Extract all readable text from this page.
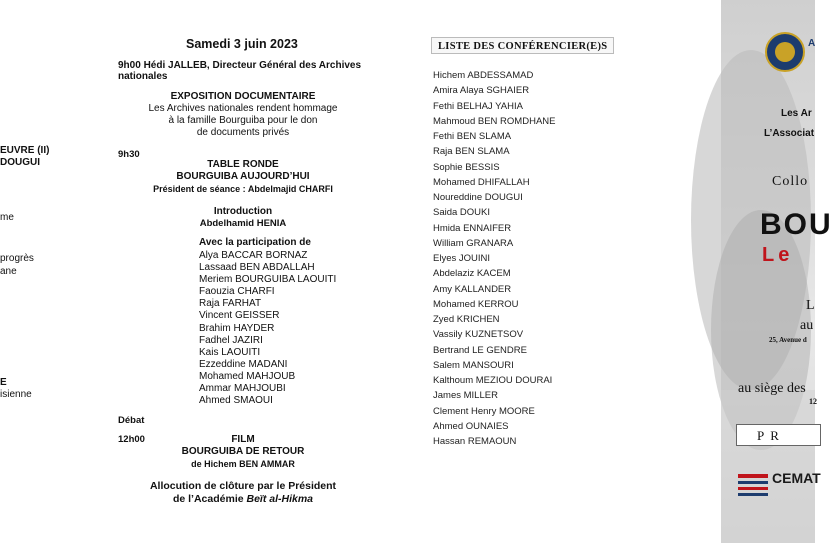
EUVRE (II)
DOUGUI
me
progrès
ane
E
isienne
Samedi 3 juin 2023
9h00 Hédi JALLEB, Directeur Général des Archives
nationales
EXPOSITION DOCUMENTAIRE
Les Archives nationales rendent hommage
à la famille Bourguiba pour le don
de documents privés
9h30
TABLE RONDE
BOURGUIBA AUJOURD’HUI
Président de séance : Abdelmajid CHARFI
Introduction
Abdelhamid HENIA
Avec la participation de
Alya BACCAR BORNAZ
Lassaad BEN ABDALLAH
Meriem BOURGUIBA LAOUITI
Faouzia CHARFI
Raja FARHAT
Vincent GEISSER
Brahim HAYDER
Fadhel JAZIRI
Kais LAOUITI
Ezzeddine MADANI
Mohamed MAHJOUB
Ammar MAHJOUBI
Ahmed SMAOUI
Débat
12h00	FILM
BOURGUIBA DE RETOUR
de Hichem BEN AMMAR
Allocution de clôture par le Président
de l’Académie Beït al-Hikma
LISTE DES CONFÉRENCIER(E)S
Hichem ABDESSAMAD
Amira Alaya SGHAIER
Fethi BELHAJ YAHIA
Mahmoud BEN ROMDHANE
Fethi BEN SLAMA
Raja BEN SLAMA
Sophie BESSIS
Mohamed DHIFALLAH
Noureddine DOUGUI
Saida DOUKI
Hmida ENNAIFER
William GRANARA
Elyes JOUINI
Abdelaziz KACEM
Amy KALLANDER
Mohamed KERROU
Zyed KRICHEN
Vassily KUZNETSOV
Bertrand LE GENDRE
Salem MANSOURI
Kalthoum MEZIOU DOURAI
James MILLER
Clement Henry MOORE
Ahmed OUNAIES
Hassan REMAOUN
A
Les Ar
L’Associat
Collo
BOU
Le
L
au
25, Avenue d
au siège des
12
PR
CEMAT
